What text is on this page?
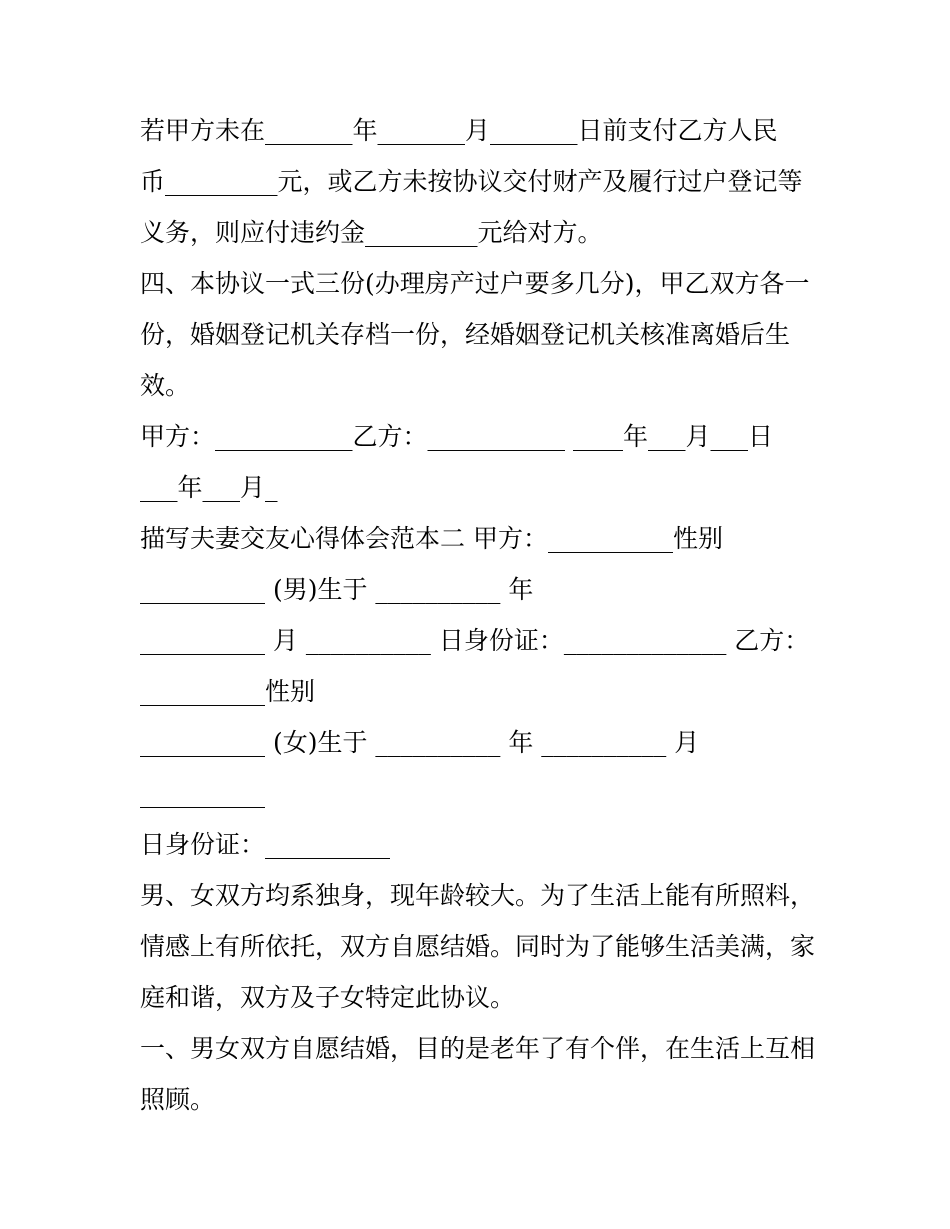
若甲方未在_______年_______月_______日前支付乙方人民
币_________元，或乙方未按协议交付财产及履行过户登记等
义务，则应付违约金_________元给对方。
四、本协议一式三份(办理房产过户要多几分)，甲乙双方各一
份，婚姻登记机关存档一份，经婚姻登记机关核准离婚后生
效。
甲方：___________乙方：___________ ____年___月___日
___年___月_
描写夫妻交友心得体会范本二 甲方：__________性别
__________ (男)生于 __________ 年
__________ 月 __________ 日身份证：_____________ 乙方：
__________性别
__________ (女)生于 __________ 年 __________ 月
__________
日身份证：__________
男、女双方均系独身，现年龄较大。为了生活上能有所照料，
情感上有所依托，双方自愿结婚。同时为了能够生活美满，家
庭和谐，双方及子女特定此协议。
一、男女双方自愿结婚，目的是老年了有个伴，在生活上互相
照顾。
